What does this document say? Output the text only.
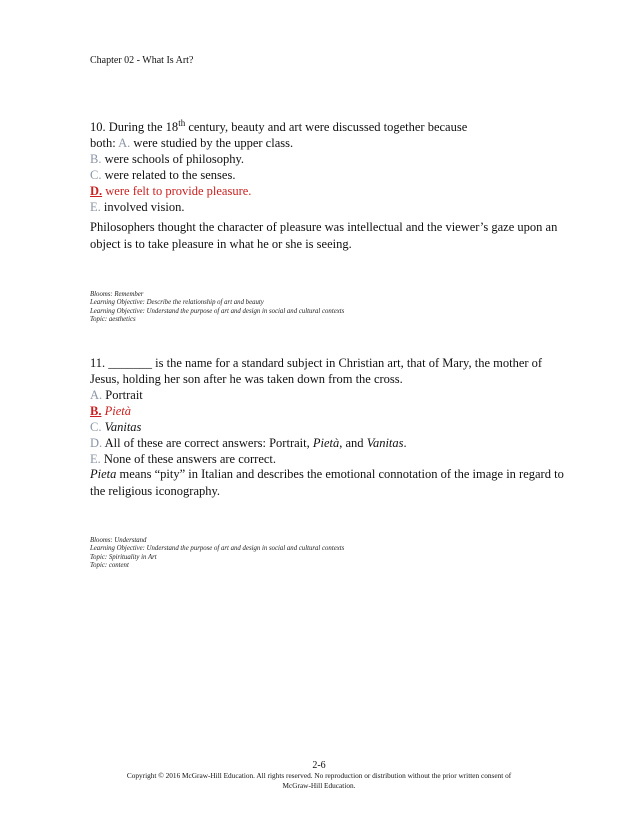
Chapter 02 - What Is Art?
10. During the 18th century, beauty and art were discussed together because
both: A. were studied by the upper class.
B. were schools of philosophy.
C. were related to the senses.
D. were felt to provide pleasure.
E. involved vision.
Philosophers thought the character of pleasure was intellectual and the viewer’s gaze upon an object is to take pleasure in what he or she is seeing.
Blooms: Remember
Learning Objective: Describe the relationship of art and beauty
Learning Objective: Understand the purpose of art and design in social and cultural contexts
Topic: aesthetics
11. _______ is the name for a standard subject in Christian art, that of Mary, the mother of Jesus, holding her son after he was taken down from the cross.
A. Portrait
B. Pietà
C. Vanitas
D. All of these are correct answers: Portrait, Pietà, and Vanitas.
E. None of these answers are correct.
Pieta means “pity” in Italian and describes the emotional connotation of the image in regard to the religious iconography.
Blooms: Understand
Learning Objective: Understand the purpose of art and design in social and cultural contexts
Topic: Spirituality in Art
Topic: content
2-6
Copyright © 2016 McGraw-Hill Education. All rights reserved. No reproduction or distribution without the prior written consent of
McGraw-Hill Education.
